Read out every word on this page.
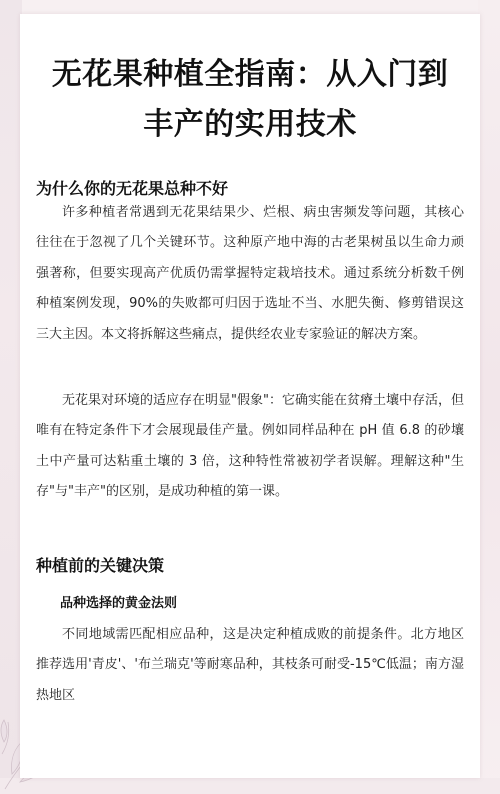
无花果种植全指南：从入门到丰产的实用技术
为什么你的无花果总种不好

许多种植者常遇到无花果结果少、烂根、病虫害频发等问题，其核心往往在于忽视了几个关键环节。这种原产地中海的古老果树虽以生命力顽强著称，但要实现高产优质仍需掌握特定栽培技术。通过系统分析数千例种植案例发现，90%的失败都可归因于选址不当、水肥失衡、修剪错误这三大主因。本文将拆解这些痛点，提供经农业专家验证的解决方案。

无花果对环境的适应存在明显"假象"：它确实能在贫瘠土壤中存活，但唯有在特定条件下才会展现最佳产量。例如同样品种在 pH 值 6.8 的砂壤土中产量可达粘重土壤的 3 倍，这种特性常被初学者误解。理解这种"生存"与"丰产"的区别，是成功种植的第一课。

种植前的关键决策
品种选择的黄金法则

不同地域需匹配相应品种，这是决定种植成败的前提条件。北方地区推荐选用'青皮'、'布兰瑞克'等耐寒品种，其枝条可耐受-15℃低温；南方湿热地区
